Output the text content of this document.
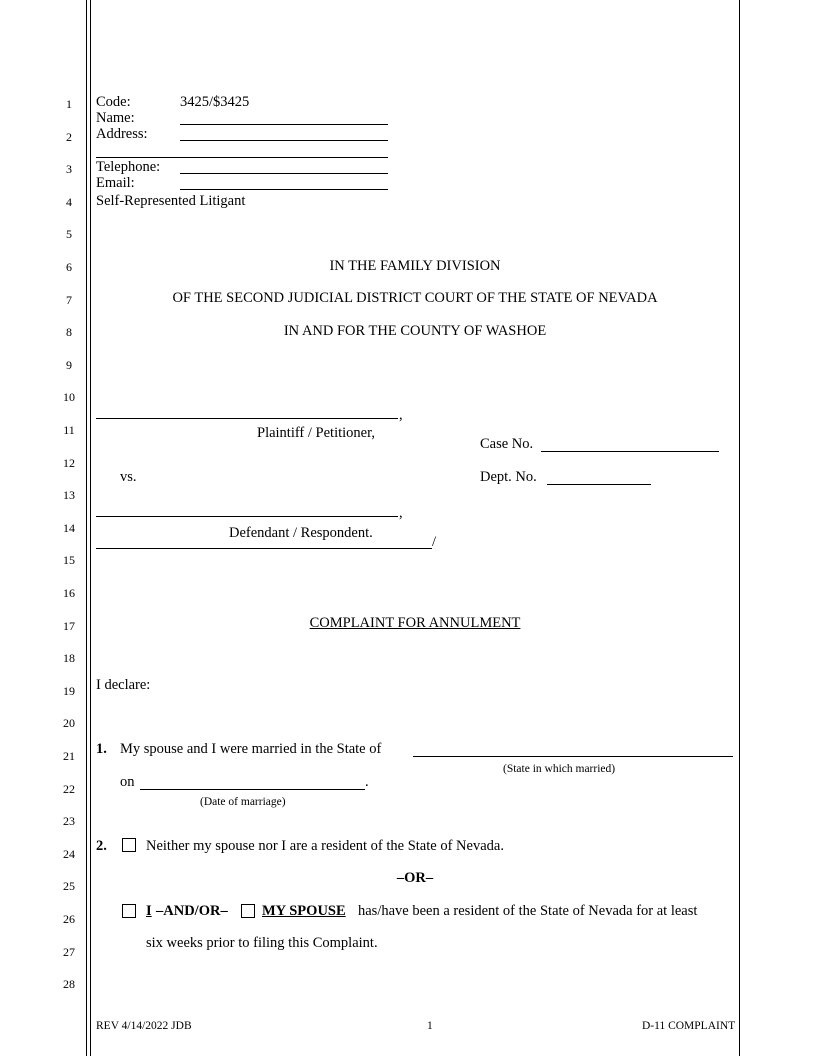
1
2
3
4
5
6
7
8
9
10
11
12
13
14
15
16
17
18
19
20
21
22
23
24
25
26
27
28
Code:	3425/$3425
Name:
Address:
Telephone:
Email:
Self-Represented Litigant
IN THE FAMILY DIVISION
OF THE SECOND JUDICIAL DISTRICT COURT OF THE STATE OF NEVADA
IN AND FOR THE COUNTY OF WASHOE
,
Plaintiff / Petitioner,
Case No.
vs.	Dept. No.
,
Defendant / Respondent.
/
COMPLAINT FOR ANNULMENT
I declare:
1. My spouse and I were married in the State of
(State in which married)
on	.
(Date of marriage)
2.	Neither my spouse nor I are a resident of the State of Nevada.
–OR–
I –AND/OR– MY SPOUSE has/have been a resident of the State of Nevada for at least
six weeks prior to filing this Complaint.
REV 4/14/2022 JDB	1	D-11 COMPLAINT
